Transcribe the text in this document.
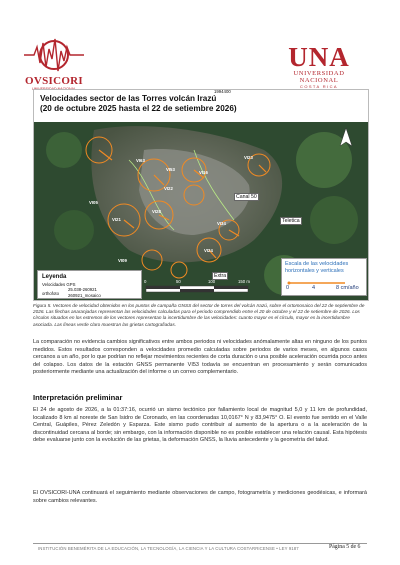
OVSICORI
UNA
UNIVERSIDAD NACIONAL
COSTA RICA
Velocidades sector de las Torres volcán Irazú
(20 de octubre 2025 hasta el 22 de setiembre 2026)
1994400
Canal 50
Teletica
Extra
VI63
VI53
VI16
VI22
VI23
VI28
VI21
VI34
VI24
VI09
VI05
Leyenda
Velocidades GPS
25.038-260921
orthofoto 260921_mosaico
0	50	100	150 m
Escala de las velocidades horizontales y verticales
0	4	8 cm/año
Figura 5. Vectores de velocidad obtenidos en los puntos de campaña GNSS del sector de torres del volcán Irazú, sobre el ortomosaico del 22 de septiembre de 2026. Las flechas anaranjadas representan las velocidades calculadas para el periodo comprendido entre el 20 de octubre y el 22 de setiembre de 2026. Los círculos situados en los extremos de los vectores representan la incertidumbre de las velocidades: cuanto mayor es el círculo, mayor es la incertidumbre asociada. Las líneas verde claro muestran las grietas cartografiadas.
La comparación no evidencia cambios significativos entre ambos periodos ni velocidades anómalamente altas en ninguno de los puntos medidos. Estos resultados corresponden a velocidades promedio calculadas sobre periodos de varios meses, en algunos casos cercanos a un año, por lo que podrían no reflejar movimientos recientes de corta duración o una posible aceleración ocurrida poco antes del colapso. Los datos de la estación GNSS permanente VI53 todavía se encuentran en procesamiento y serán comunicados posteriormente mediante una actualización del informe o un correo complementario.
Interpretación preliminar
El 24 de agosto de 2026, a la 01:37:16, ocurrió un sismo tectónico por fallamiento local de magnitud 5,0 y 11 km de profundidad, localizado 8 km al noreste de San Isidro de Coronado, en las coordenadas 10,0167° N y 83,9475° O. El evento fue sentido en el Valle Central, Guápiles, Pérez Zeledón y Esparza. Este sismo pudo contribuir al aumento de la apertura o a la aceleración de la discontinuidad cercana al borde; sin embargo, con la información disponible no es posible establecer una relación causal. Esta hipótesis debe evaluarse junto con la evolución de las grietas, la deformación GNSS, la lluvia antecedente y la geometría del talud.
El OVSICORI-UNA continuará el seguimiento mediante observaciones de campo, fotogrametría y mediciones geodésicas, e informará sobre cambios relevantes.
INSTITUCIÓN BENEMÉRITA DE LA EDUCACIÓN, LA TECNOLOGÍA, LA CIENCIA Y LA CULTURA COSTARRICENSE • LEY 9187	Página 5 de 6
